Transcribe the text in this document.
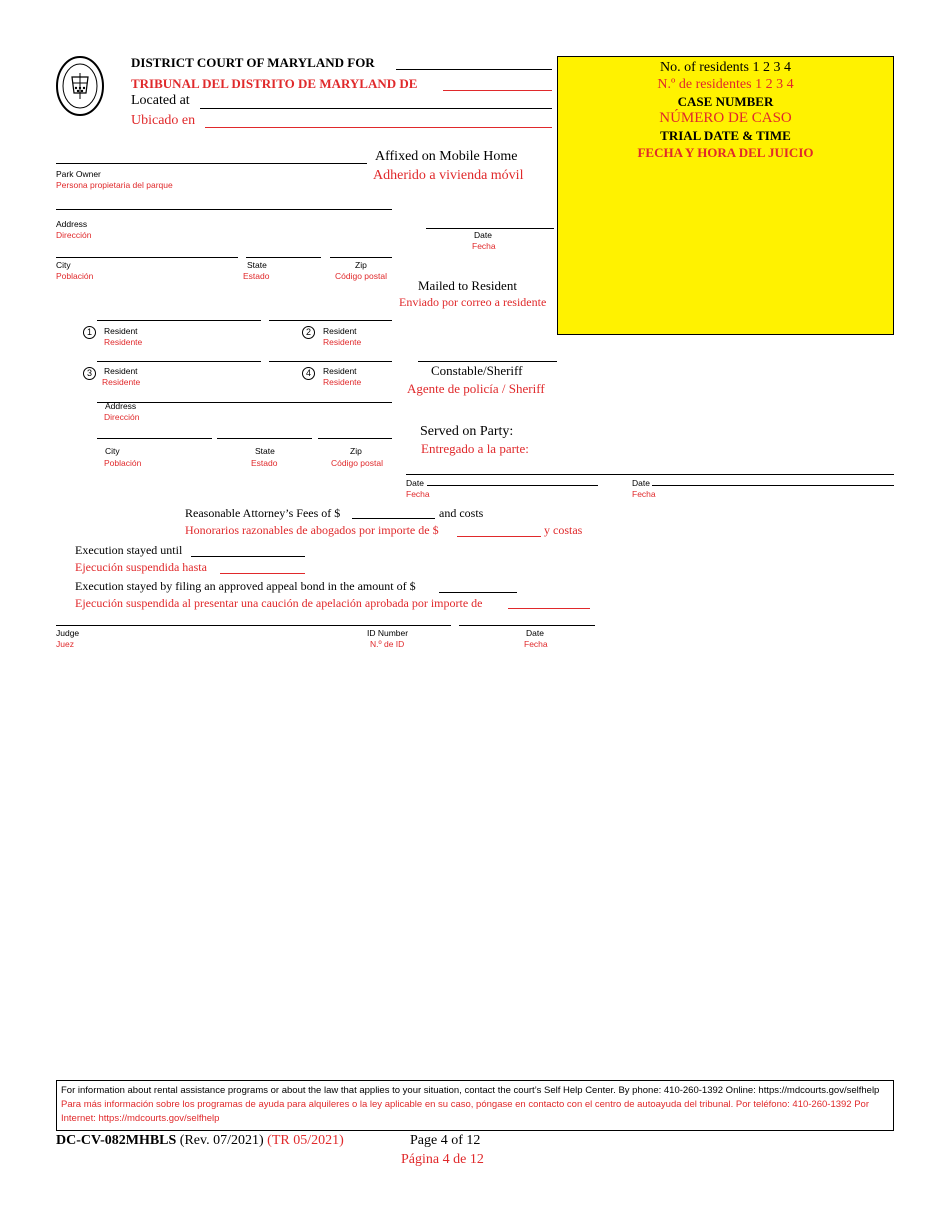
DISTRICT COURT OF MARYLAND FOR
TRIBUNAL DEL DISTRITO DE MARYLAND DE
Located at
Ubicado en
No. of residents 1 2 3 4
N.º de residentes 1 2 3 4
CASE NUMBER
NÚMERO DE CASO
TRIAL DATE & TIME
FECHA Y HORA DEL JUICIO
Park Owner
Persona propietaria del parque
Affixed on Mobile Home
Adherido a vivienda móvil
Address
Dirección	Date
Fecha
City
Población
State
Estado
Zip
Código postal
Mailed to Resident
Enviado por correo a residente
1	Resident
Residente
2	Resident
Residente
3	Resident
Residente
4	Resident
Residente
Constable/Sheriff
Agente de policía / Sheriff
Address
Dirección
City
Población
State
Estado
Zip
Código postal
Served on Party:
Entregado a la parte:
Date
Fecha
Date
Fecha
Reasonable Attorney’s Fees of $	and costs
Honorarios razonables de abogados por importe de $	y costas
Execution stayed until
Ejecución suspendida hasta
Execution stayed by filing an approved appeal bond in the amount of $
Ejecución suspendida al presentar una caución de apelación aprobada por importe de
Judge
Juez
ID Number
N.º de ID
Date
Fecha
For information about rental assistance programs or about the law that applies to your situation, contact the court’s Self Help Center. By phone: 410-260-1392 Online: https://mdcourts.gov/selfhelp
Para más información sobre los programas de ayuda para alquileres o la ley aplicable en su caso, póngase en contacto con el centro de autoayuda del tribunal. Por teléfono: 410-260-1392 Por Internet: https://mdcourts.gov/selfhelp
DC-CV-082MHBLS (Rev. 07/2021) (TR 05/2021)	Page 4 of 12
Página 4 de 12
